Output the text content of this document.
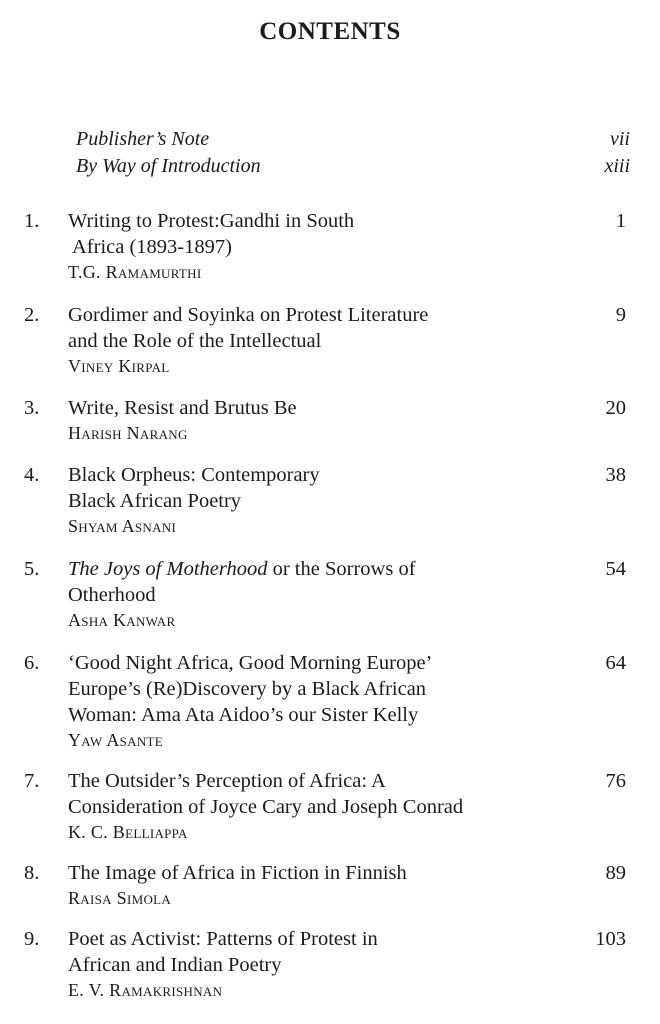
CONTENTS
Publisher’s Note	vii
By Way of Introduction	xiii
1. Writing to Protest:Gandhi in South
Africa (1893-1897)
T.G. Ramamurthi
1
2. Gordimer and Soyinka on Protest Literature
and the Role of the Intellectual
Viney Kirpal
9
3. Write, Resist and Brutus Be
Harish Narang
20
4. Black Orpheus: Contemporary
Black African Poetry
Shyam Asnani
38
5. The Joys of Motherhood or the Sorrows of
Otherhood
Asha Kanwar
54
6. ‘Good Night Africa, Good Morning Europe’
Europe’s (Re)Discovery by a Black African
Woman: Ama Ata Aidoo’s our Sister Kelly
Yaw Asante
64
7. The Outsider’s Perception of Africa: A
Consideration of Joyce Cary and Joseph Conrad
K. C. Belliappa
76
8. The Image of Africa in Fiction in Finnish
Raisa Simola
89
9. Poet as Activist: Patterns of Protest in
African and Indian Poetry
E. V. Ramakrishnan
103
